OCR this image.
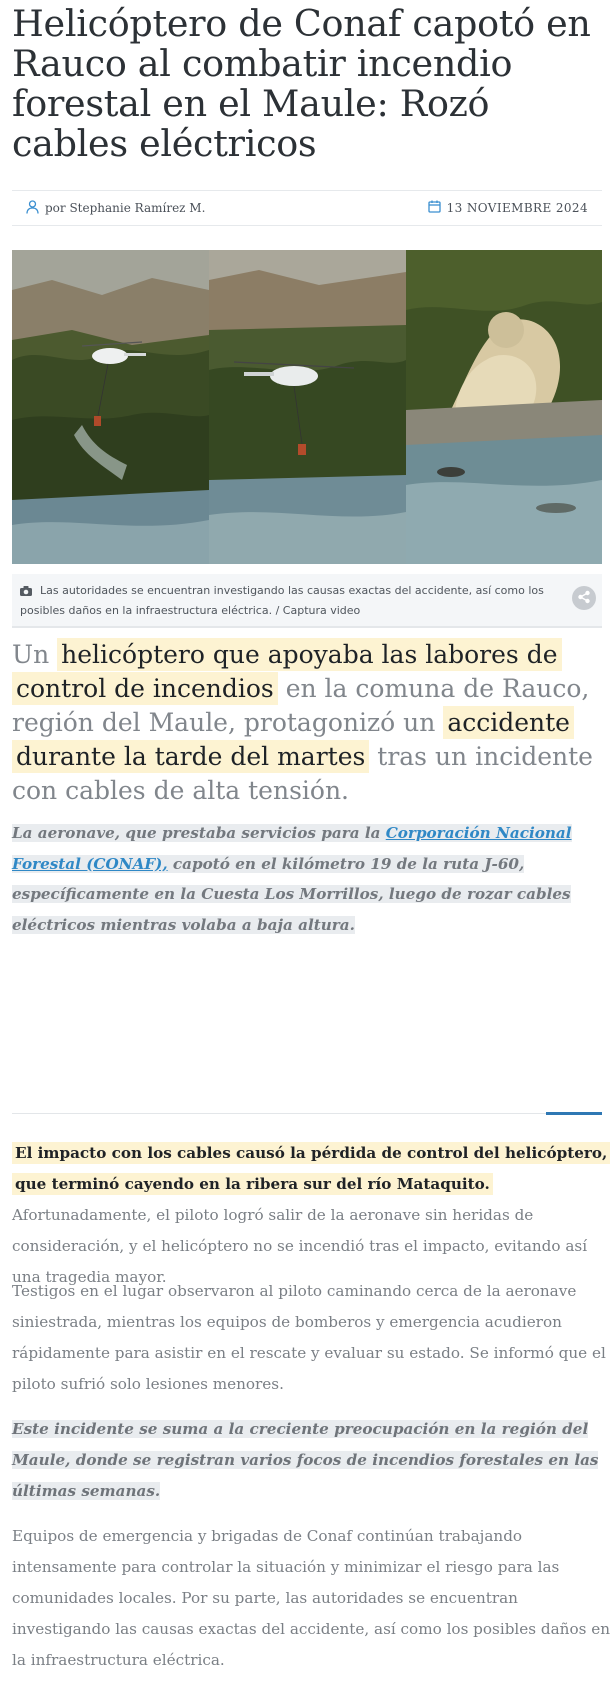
Helicóptero de Conaf capotó en Rauco al combatir incendio forestal en el Maule: Rozó cables eléctricos
por Stephanie Ramírez M.	13 NOVIEMBRE 2024
Las autoridades se encuentran investigando las causas exactas del accidente, así como los posibles daños en la infraestructura eléctrica. / Captura video

Un helicóptero que apoyaba las labores de control de incendios en la comuna de Rauco, región del Maule, protagonizó un accidente durante la tarde del martes tras un incidente con cables de alta tensión.

La aeronave, que prestaba servicios para la Corporación Nacional Forestal (CONAF), capotó en el kilómetro 19 de la ruta J-60, específicamente en la Cuesta Los Morrillos, luego de rozar cables eléctricos mientras volaba a baja altura.

El impacto con los cables causó la pérdida de control del helicóptero, que terminó cayendo en la ribera sur del río Mataquito. Afortunadamente, el piloto logró salir de la aeronave sin heridas de consideración, y el helicóptero no se incendió tras el impacto, evitando así una tragedia mayor.

Testigos en el lugar observaron al piloto caminando cerca de la aeronave siniestrada, mientras los equipos de bomberos y emergencia acudieron rápidamente para asistir en el rescate y evaluar su estado. Se informó que el piloto sufrió solo lesiones menores.

Este incidente se suma a la creciente preocupación en la región del Maule, donde se registran varios focos de incendios forestales en las últimas semanas.

Equipos de emergencia y brigadas de Conaf continúan trabajando intensamente para controlar la situación y minimizar el riesgo para las comunidades locales. Por su parte, las autoridades se encuentran investigando las causas exactas del accidente, así como los posibles daños en la infraestructura eléctrica.
